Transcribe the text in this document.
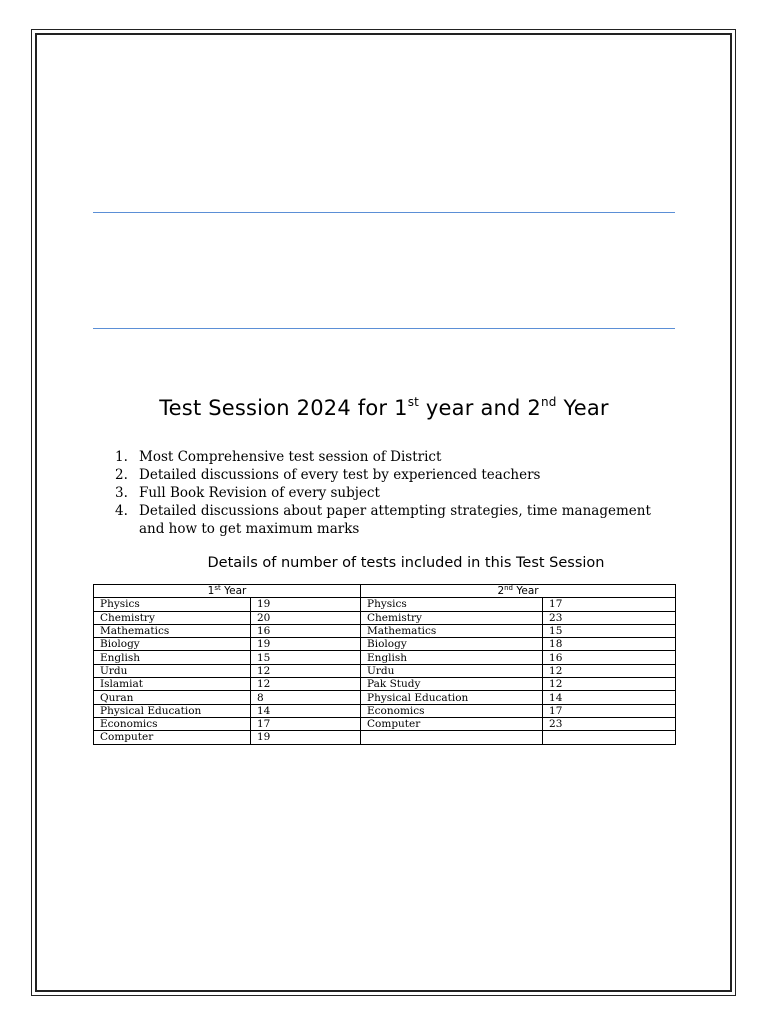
Test Session 2024 for 1st year and 2nd Year
1. Most Comprehensive test session of District
2. Detailed discussions of every test by experienced teachers
3. Full Book Revision of every subject
4. Detailed discussions about paper attempting strategies, time management and how to get maximum marks
Details of number of tests included in this Test Session
1st Year		2nd Year	
Physics	19	Physics	17
Chemistry	20	Chemistry	23
Mathematics	16	Mathematics	15
Biology	19	Biology	18
English	15	English	16
Urdu	12	Urdu	12
Islamiat	12	Pak Study	12
Quran	8	Physical Education	14
Physical Education	14	Economics	17
Economics	17	Computer	23
Computer	19		
